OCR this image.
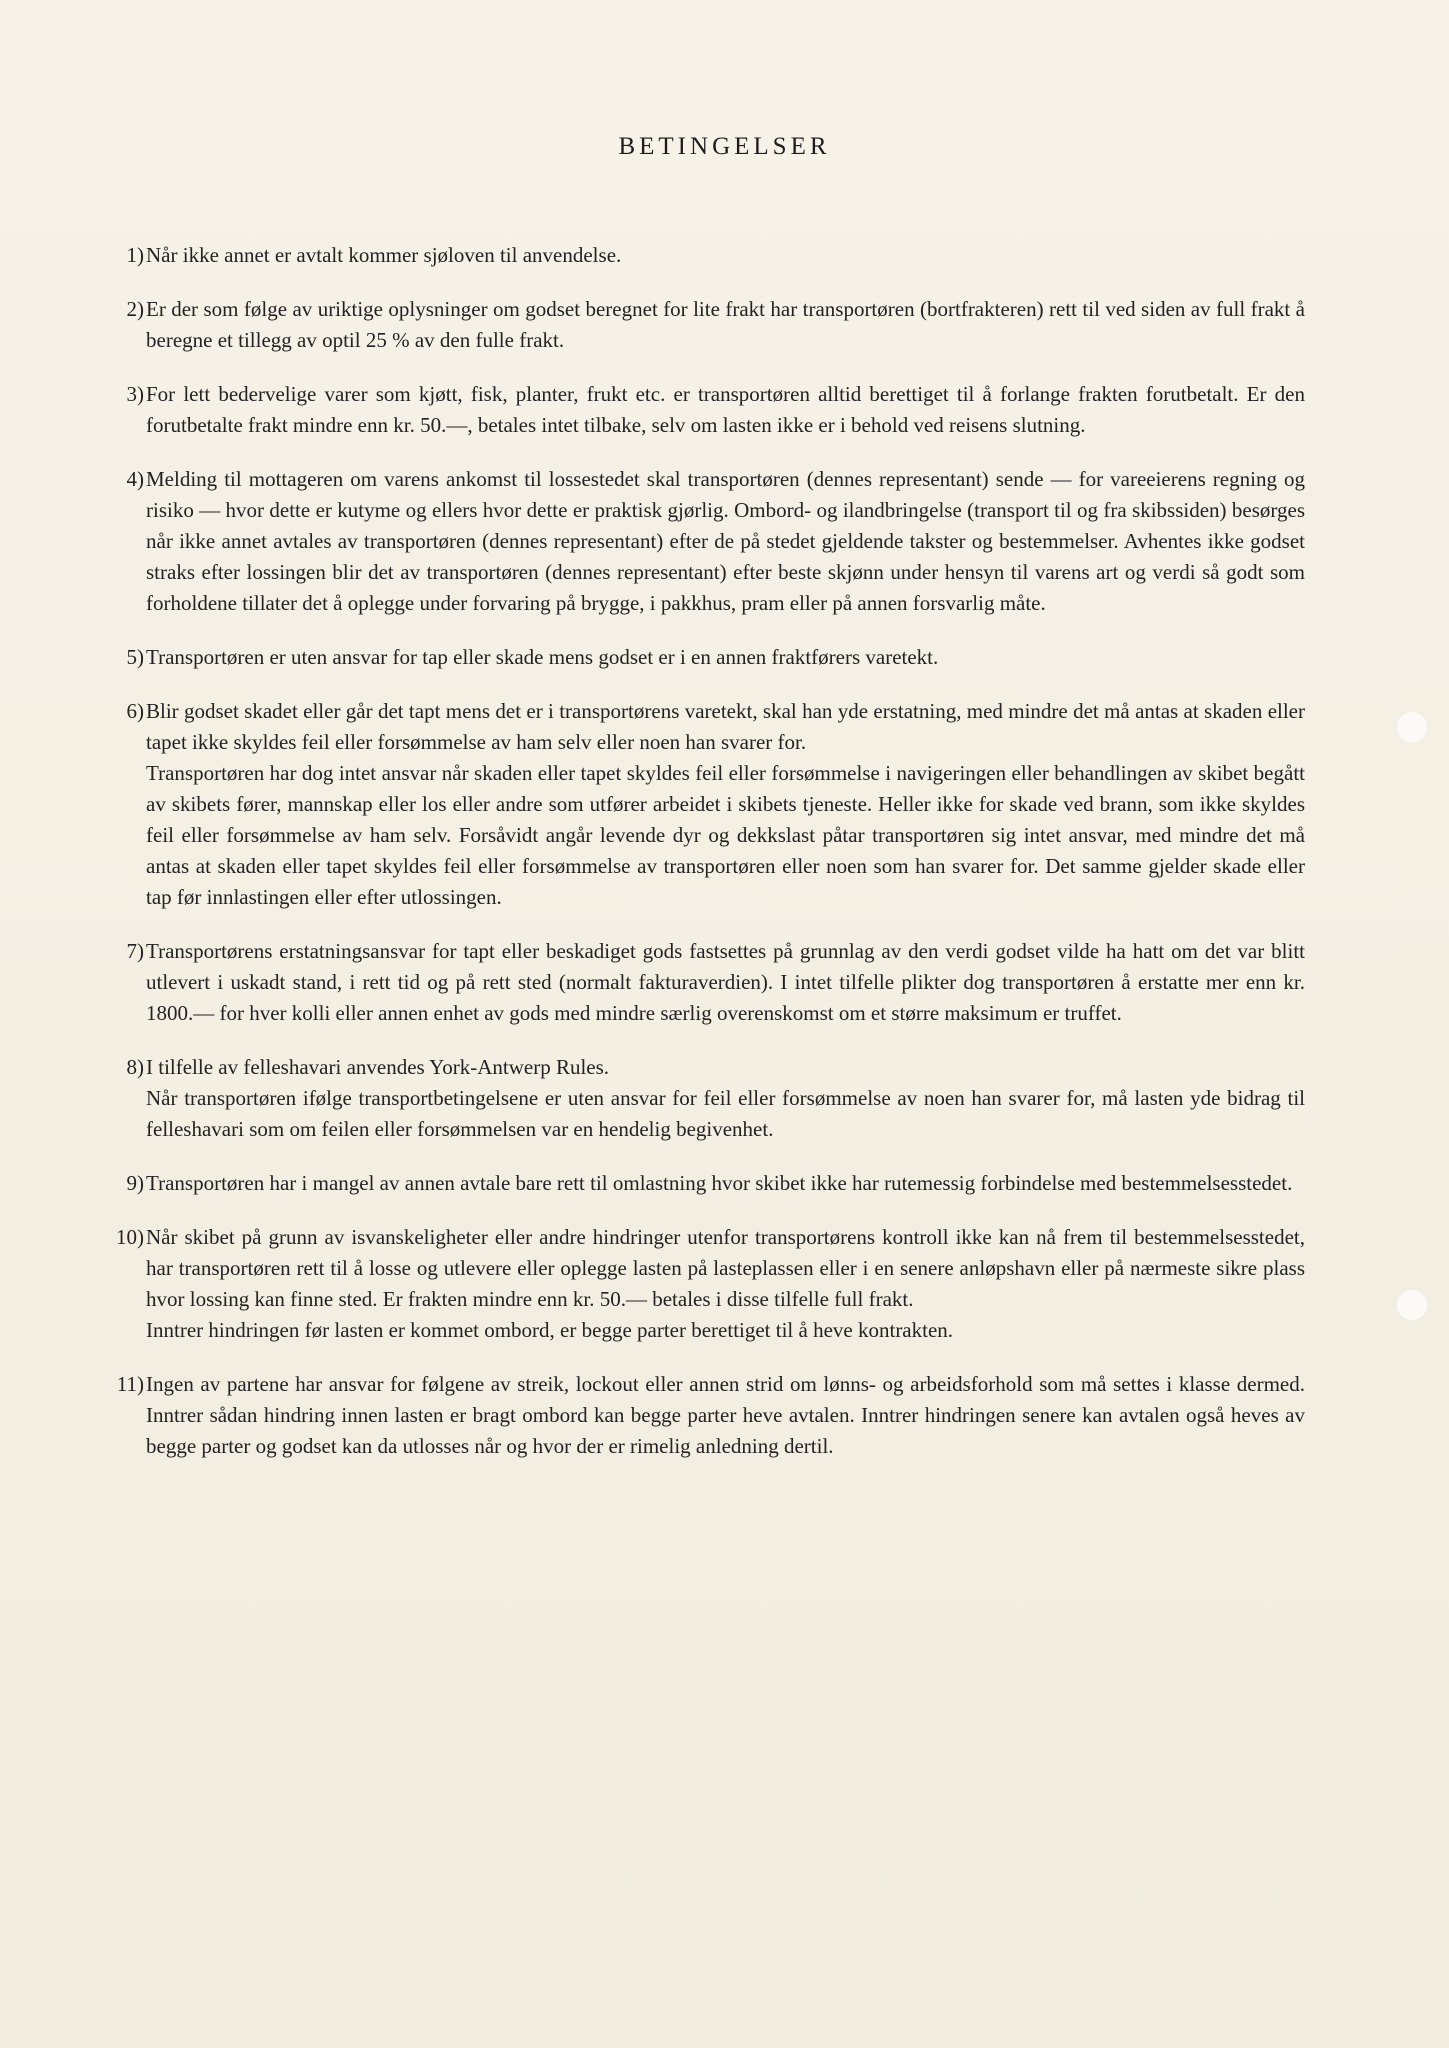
BETINGELSER
1) Når ikke annet er avtalt kommer sjøloven til anvendelse.

2) Er der som følge av uriktige oplysninger om godset beregnet for lite frakt har transportøren (bortfrakteren) rett til ved siden av full frakt å beregne et tillegg av optil 25 % av den fulle frakt.

3) For lett bedervelige varer som kjøtt, fisk, planter, frukt etc. er transportøren alltid berettiget til å forlange frakten forutbetalt. Er den forutbetalte frakt mindre enn kr. 50.—, betales intet tilbake, selv om lasten ikke er i behold ved reisens slutning.

4) Melding til mottageren om varens ankomst til lossestedet skal transportøren (dennes representant) sende — for vareeierens regning og risiko — hvor dette er kutyme og ellers hvor dette er praktisk gjørlig. Ombord- og ilandbringelse (transport til og fra skibssiden) besørges når ikke annet avtales av transportøren (dennes representant) efter de på stedet gjeldende takster og bestemmelser. Avhentes ikke godset straks efter lossingen blir det av transportøren (dennes representant) efter beste skjønn under hensyn til varens art og verdi så godt som forholdene tillater det å oplegge under forvaring på brygge, i pakkhus, pram eller på annen forsvarlig måte.

5) Transportøren er uten ansvar for tap eller skade mens godset er i en annen fraktførers varetekt.

6) Blir godset skadet eller går det tapt mens det er i transportørens varetekt, skal han yde erstatning, med mindre det må antas at skaden eller tapet ikke skyldes feil eller forsømmelse av ham selv eller noen han svarer for.

Transportøren har dog intet ansvar når skaden eller tapet skyldes feil eller forsømmelse i navigeringen eller behandlingen av skibet begått av skibets fører, mannskap eller los eller andre som utfører arbeidet i skibets tjeneste. Heller ikke for skade ved brann, som ikke skyldes feil eller forsømmelse av ham selv. Forsåvidt angår levende dyr og dekkslast påtar transportøren sig intet ansvar, med mindre det må antas at skaden eller tapet skyldes feil eller forsømmelse av transportøren eller noen som han svarer for. Det samme gjelder skade eller tap før innlastingen eller efter utlossingen.

7) Transportørens erstatningsansvar for tapt eller beskadiget gods fastsettes på grunnlag av den verdi godset vilde ha hatt om det var blitt utlevert i uskadt stand, i rett tid og på rett sted (normalt fakturaverdien). I intet tilfelle plikter dog transportøren å erstatte mer enn kr. 1800.— for hver kolli eller annen enhet av gods med mindre særlig overenskomst om et større maksimum er truffet.

8) I tilfelle av felleshavari anvendes York-Antwerp Rules.

Når transportøren ifølge transportbetingelsene er uten ansvar for feil eller forsømmelse av noen han svarer for, må lasten yde bidrag til felleshavari som om feilen eller forsømmelsen var en hendelig begivenhet.

9) Transportøren har i mangel av annen avtale bare rett til omlastning hvor skibet ikke har rutemessig forbindelse med bestemmelsesstedet.

10) Når skibet på grunn av isvanskeligheter eller andre hindringer utenfor transportørens kontroll ikke kan nå frem til bestemmelsesstedet, har transportøren rett til å losse og utlevere eller oplegge lasten på lasteplassen eller i en senere anløpshavn eller på nærmeste sikre plass hvor lossing kan finne sted. Er frakten mindre enn kr. 50.— betales i disse tilfelle full frakt.

Inntrer hindringen før lasten er kommet ombord, er begge parter berettiget til å heve kontrakten.

11) Ingen av partene har ansvar for følgene av streik, lockout eller annen strid om lønns- og arbeidsforhold som må settes i klasse dermed. Inntrer sådan hindring innen lasten er bragt ombord kan begge parter heve avtalen. Inntrer hindringen senere kan avtalen også heves av begge parter og godset kan da utlosses når og hvor der er rimelig anledning dertil.
